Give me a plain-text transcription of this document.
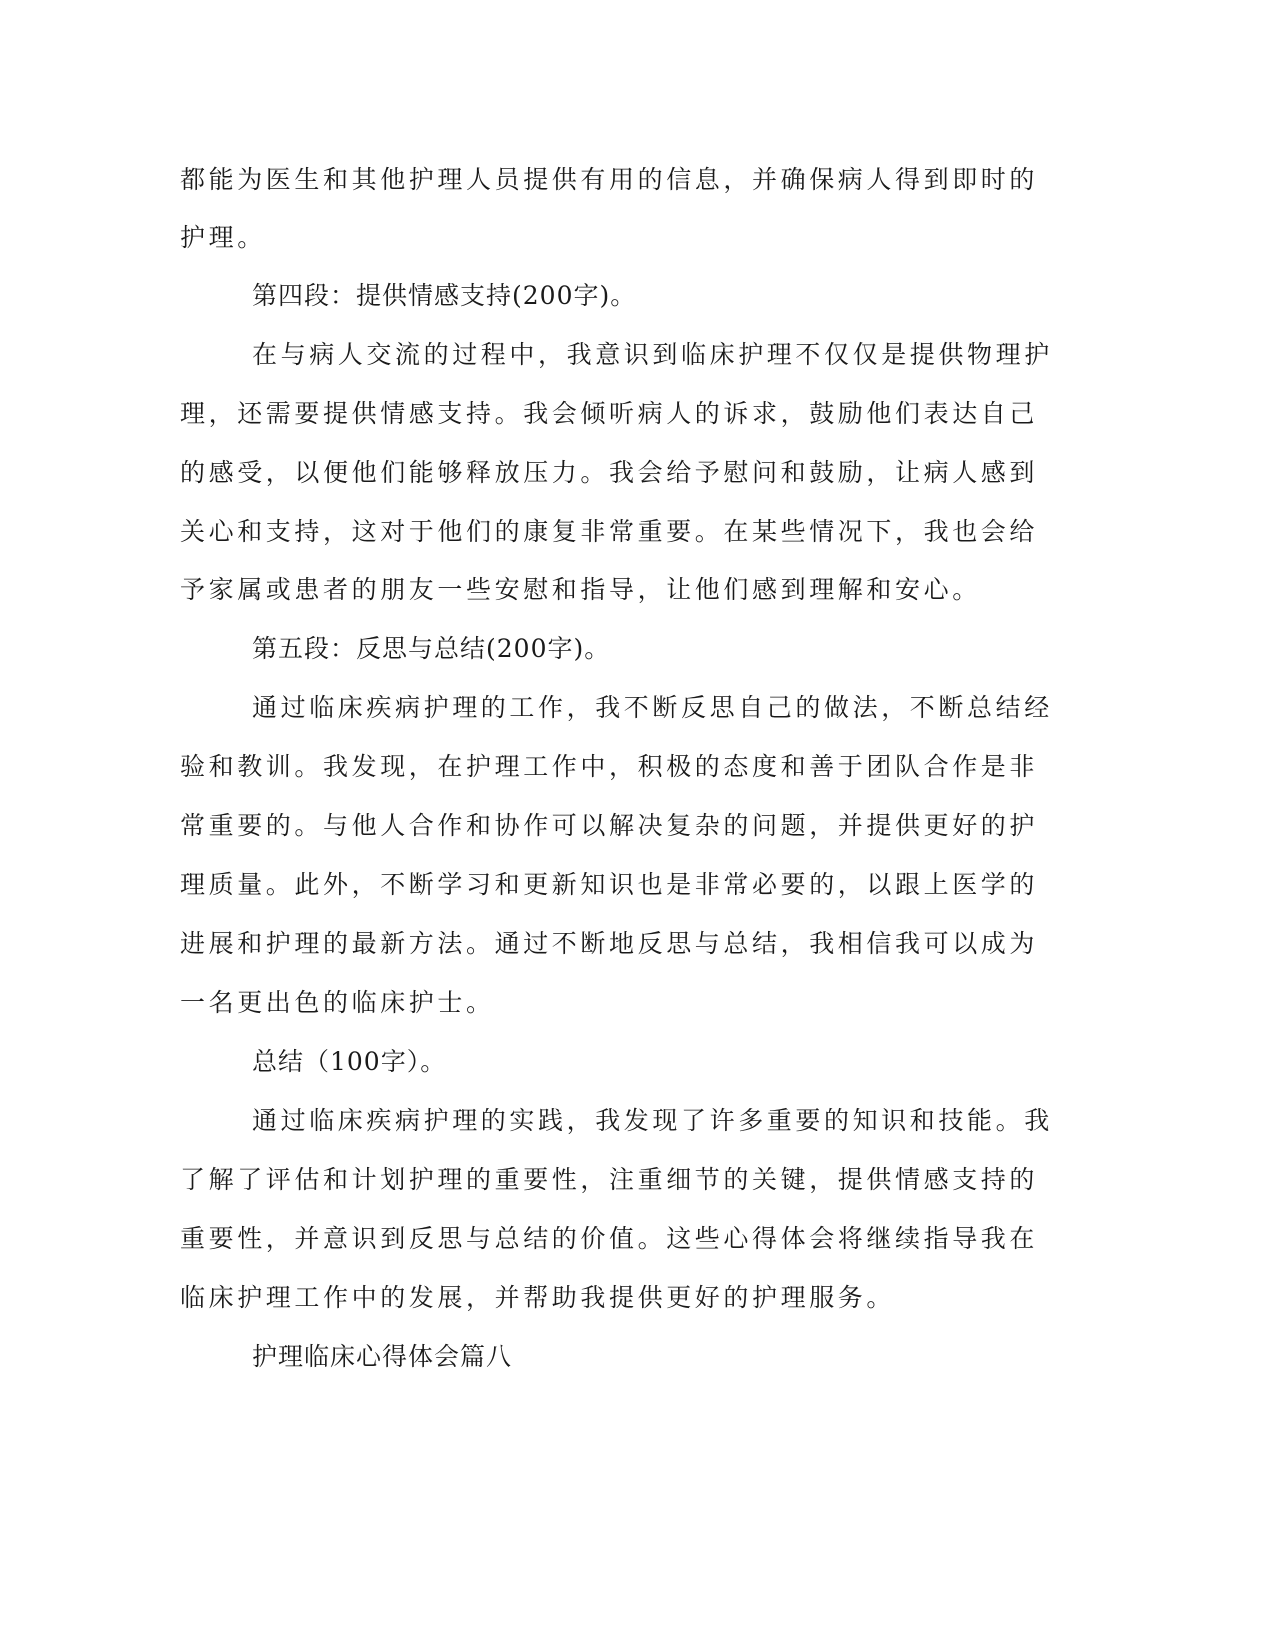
都能为医生和其他护理人员提供有用的信息，并确保病人得到即时的
护理。
第四段：提供情感支持(200字)。
在与病人交流的过程中，我意识到临床护理不仅仅是提供物理护
理，还需要提供情感支持。我会倾听病人的诉求，鼓励他们表达自己
的感受，以便他们能够释放压力。我会给予慰问和鼓励，让病人感到
关心和支持，这对于他们的康复非常重要。在某些情况下，我也会给
予家属或患者的朋友一些安慰和指导，让他们感到理解和安心。
第五段：反思与总结(200字)。
通过临床疾病护理的工作，我不断反思自己的做法，不断总结经
验和教训。我发现，在护理工作中，积极的态度和善于团队合作是非
常重要的。与他人合作和协作可以解决复杂的问题，并提供更好的护
理质量。此外，不断学习和更新知识也是非常必要的，以跟上医学的
进展和护理的最新方法。通过不断地反思与总结，我相信我可以成为
一名更出色的临床护士。
总结（100字）。
通过临床疾病护理的实践，我发现了许多重要的知识和技能。我
了解了评估和计划护理的重要性，注重细节的关键，提供情感支持的
重要性，并意识到反思与总结的价值。这些心得体会将继续指导我在
临床护理工作中的发展，并帮助我提供更好的护理服务。
护理临床心得体会篇八
